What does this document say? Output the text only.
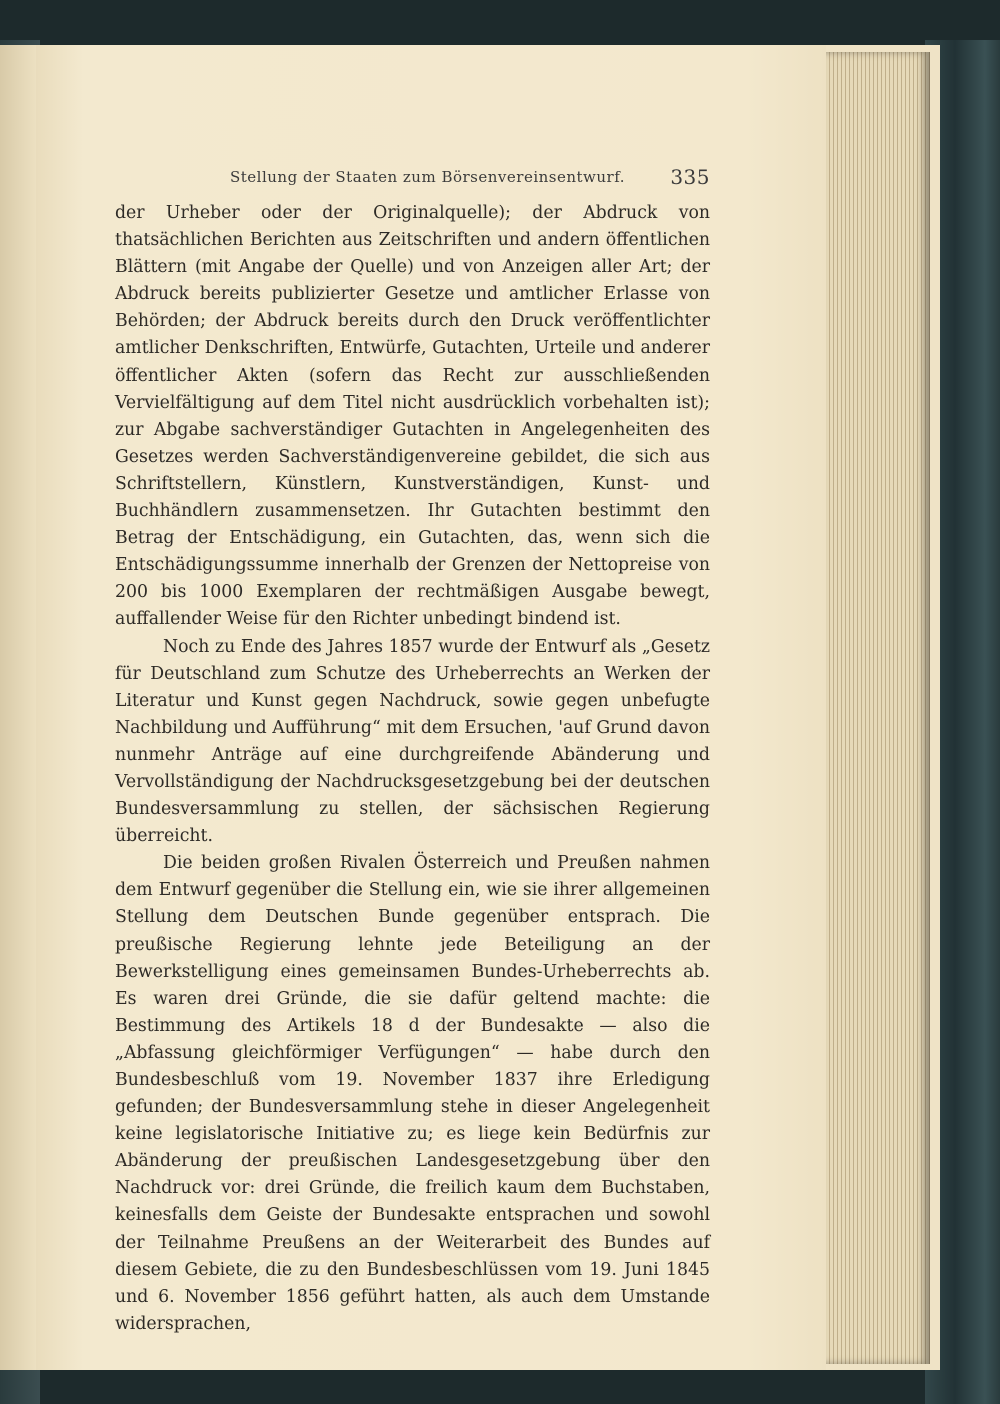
Stellung der Staaten zum Börsenvereinsentwurf. 335

der Urheber oder der Originalquelle); der Abdruck von thatsächlichen Berichten aus Zeitschriften und andern öffentlichen Blättern (mit Angabe der Quelle) und von Anzeigen aller Art; der Abdruck bereits publizierter Gesetze und amtlicher Erlasse von Behörden; der Abdruck bereits durch den Druck veröffentlichter amtlicher Denkschriften, Entwürfe, Gutachten, Urteile und anderer öffentlicher Akten (sofern das Recht zur ausschließenden Vervielfältigung auf dem Titel nicht ausdrücklich vorbehalten ist); zur Abgabe sachverständiger Gutachten in Angelegenheiten des Gesetzes werden Sachverständigenvereine gebildet, die sich aus Schriftstellern, Künstlern, Kunstverständigen, Kunst- und Buchhändlern zusammensetzen. Ihr Gutachten bestimmt den Betrag der Entschädigung, ein Gutachten, das, wenn sich die Entschädigungssumme innerhalb der Grenzen der Nettopreise von 200 bis 1000 Exemplaren der rechtmäßigen Ausgabe bewegt, auffallender Weise für den Richter unbedingt bindend ist.

Noch zu Ende des Jahres 1857 wurde der Entwurf als „Gesetz für Deutschland zum Schutze des Urheberrechts an Werken der Literatur und Kunst gegen Nachdruck, sowie gegen unbefugte Nachbildung und Aufführung“ mit dem Ersuchen, 'auf Grund davon nunmehr Anträge auf eine durchgreifende Abänderung und Vervollständigung der Nachdrucksgesetzgebung bei der deutschen Bundesversammlung zu stellen, der sächsischen Regierung überreicht.

Die beiden großen Rivalen Österreich und Preußen nahmen dem Entwurf gegenüber die Stellung ein, wie sie ihrer allgemeinen Stellung dem Deutschen Bunde gegenüber entsprach. Die preußische Regierung lehnte jede Beteiligung an der Bewerkstelligung eines gemeinsamen Bundes-Urheberrechts ab. Es waren drei Gründe, die sie dafür geltend machte: die Bestimmung des Artikels 18 d der Bundesakte — also die „Abfassung gleichförmiger Verfügungen“ — habe durch den Bundesbeschluß vom 19. November 1837 ihre Erledigung gefunden; der Bundesversammlung stehe in dieser Angelegenheit keine legislatorische Initiative zu; es liege kein Bedürfnis zur Abänderung der preußischen Landesgesetzgebung über den Nachdruck vor: drei Gründe, die freilich kaum dem Buchstaben, keinesfalls dem Geiste der Bundesakte entsprachen und sowohl der Teilnahme Preußens an der Weiterarbeit des Bundes auf diesem Gebiete, die zu den Bundesbeschlüssen vom 19. Juni 1845 und 6. November 1856 geführt hatten, als auch dem Umstande widersprachen,
